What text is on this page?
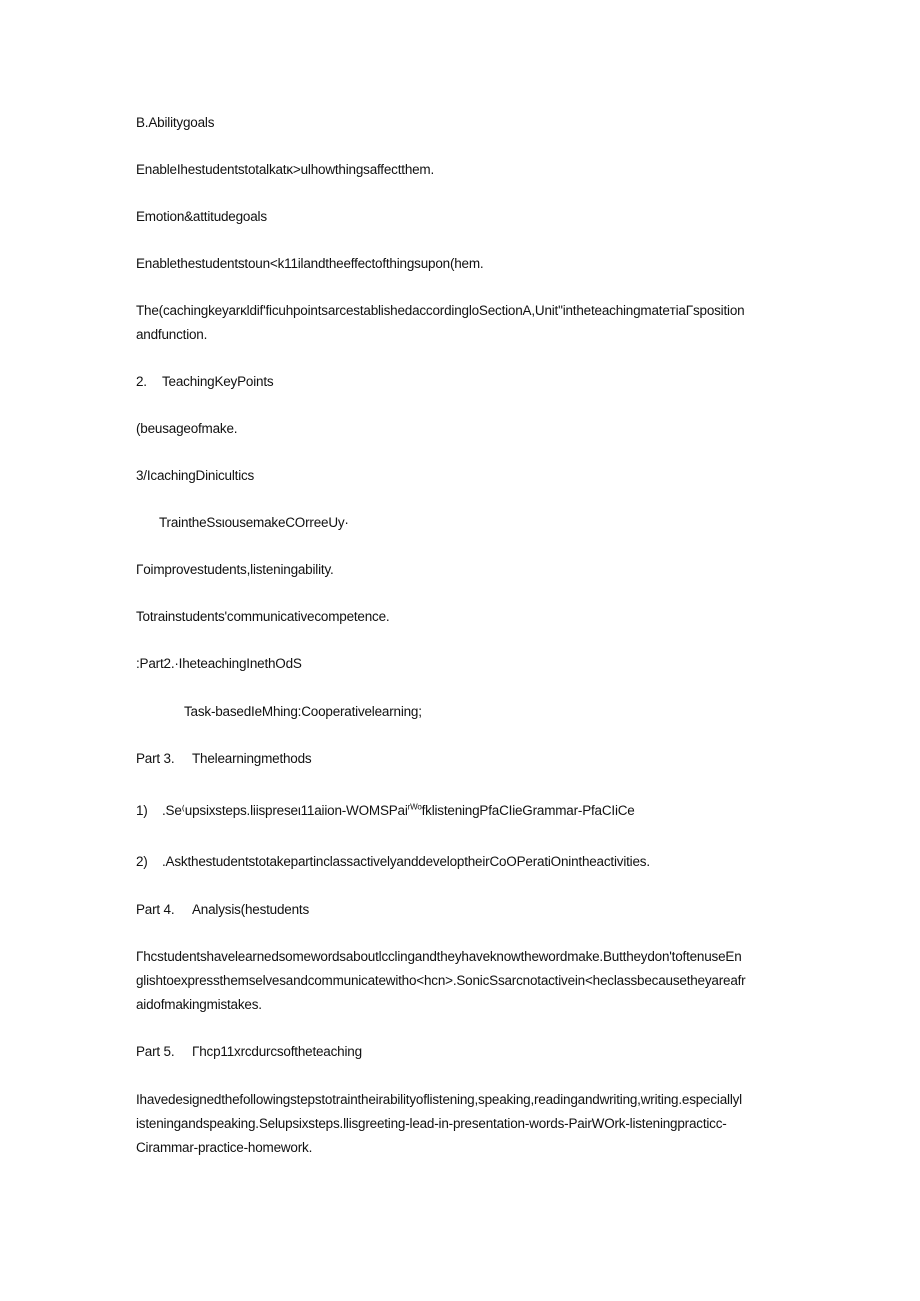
B.Abilitygoals
EnableIhestudentstotalkatκ>ulhowthingsaffectthem.
Emotion&attitudegoals
Enablethestudentstoun<k11ilandtheeffectofthingsupon(hem.
The(cachingkeyarκldif'ficuhpointsarcestablishedaccordingloSectionA,Unit"intheteachingmateтiaΓsposition
andfunction.
2. TeachingKeyPoints
(beusageofmake.
3/IcachingDinicultics
TraintheSsιousemakeCOrreeUy·
Γoimprovestudents,listeningability.
Totrainstudents'communicativecompetence.
:Part2.·IheteachingInethOdS
Task-basedIeMhing:Cooperativelearning;
Part 3. Thelearningmethods
1) .Se⁽upsixsteps.liispreseι11aiion-WOMSPai$^{rWo}$fklisteningPfaCIieGrammar-PfaCIiCe
2) .AskthestudentstotakepartinclassactivelyanddeveloptheirCoOPeratiOnintheactivities.
Part 4. Analysis(hestudents
Γhcstudentshavelearnedsomewordsaboutlcclingandtheyhaveknowthewordmake.Buttheydon'toftenuseEn
glishtoexpressthemselvesandcommunicatewitho<hcn>.SonicSsarcnotactivein<heclassbecausetheyareafr
aidofmakingmistakes.
Part 5. Γhcp11xrcdurcsoftheteaching
Ihavedesignedthefollowingstepstotraintheirabilityoflistening,speaking,readingandwriting,writing.especiallyl
isteningandspeaking.Selupsixsteps.llisgreeting-lead-in-presentation-words-PairWOrk-listeningpracticc-
Cirammar-practice-homework.
